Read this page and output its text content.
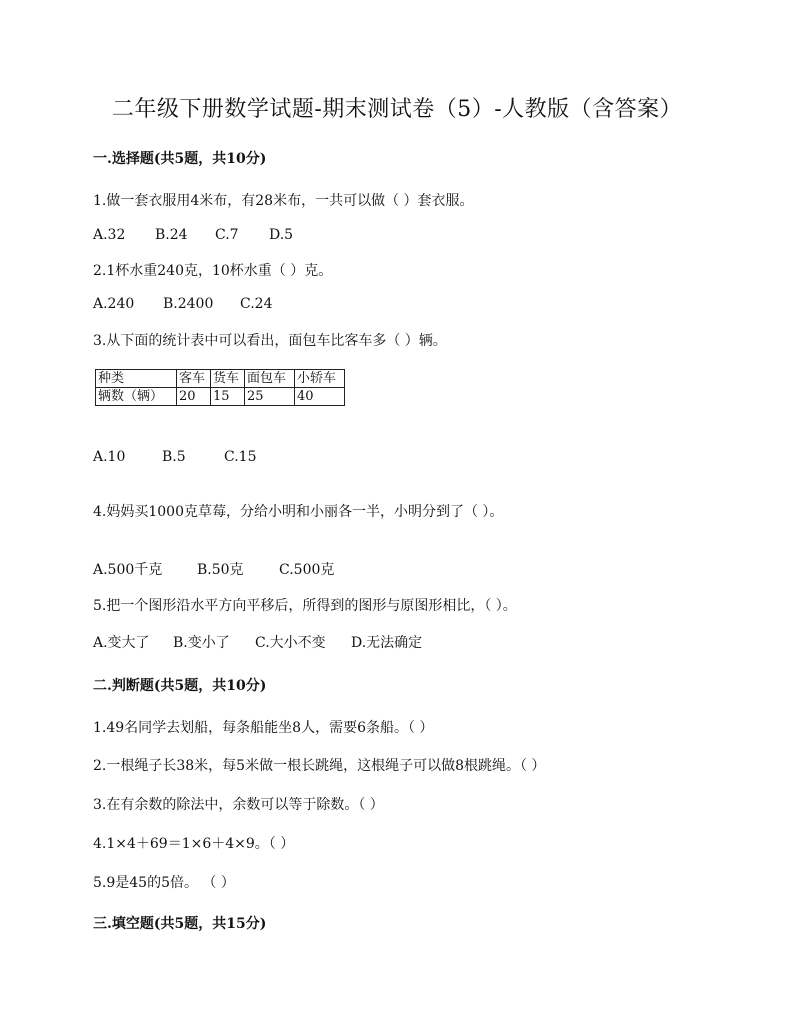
二年级下册数学试题-期末测试卷（5）-人教版（含答案）
一.选择题(共5题，共10分)
1.做一套衣服用4米布，有28米布，一共可以做（ ）套衣服。
A.32 B.24 C.7 D.5
2.1杯水重240克，10杯水重（ ）克。
A.240 B.2400 C.24
3.从下面的统计表中可以看出，面包车比客车多（ ）辆。
种类	客车	货车	面包车	小轿车
辆数（辆）	20	15	25	40
A.10	B.5	C.15
4.妈妈买1000克草莓，分给小明和小丽各一半，小明分到了（ ）。
A.500千克 B.50克	C.500克
5.把一个图形沿水平方向平移后，所得到的图形与原图形相比，（ ）。
A.变大了 B.变小了 C.大小不变 D.无法确定
二.判断题(共5题，共10分)
1.49名同学去划船，每条船能坐8人，需要6条船。（ ）
2.一根绳子长38米，每5米做一根长跳绳，这根绳子可以做8根跳绳。（ ）
3.在有余数的除法中，余数可以等于除数。（ ）
4.1×4＋69＝1×6＋4×9。（ ）
5.9是45的5倍。 （ ）
三.填空题(共5题，共15分)
